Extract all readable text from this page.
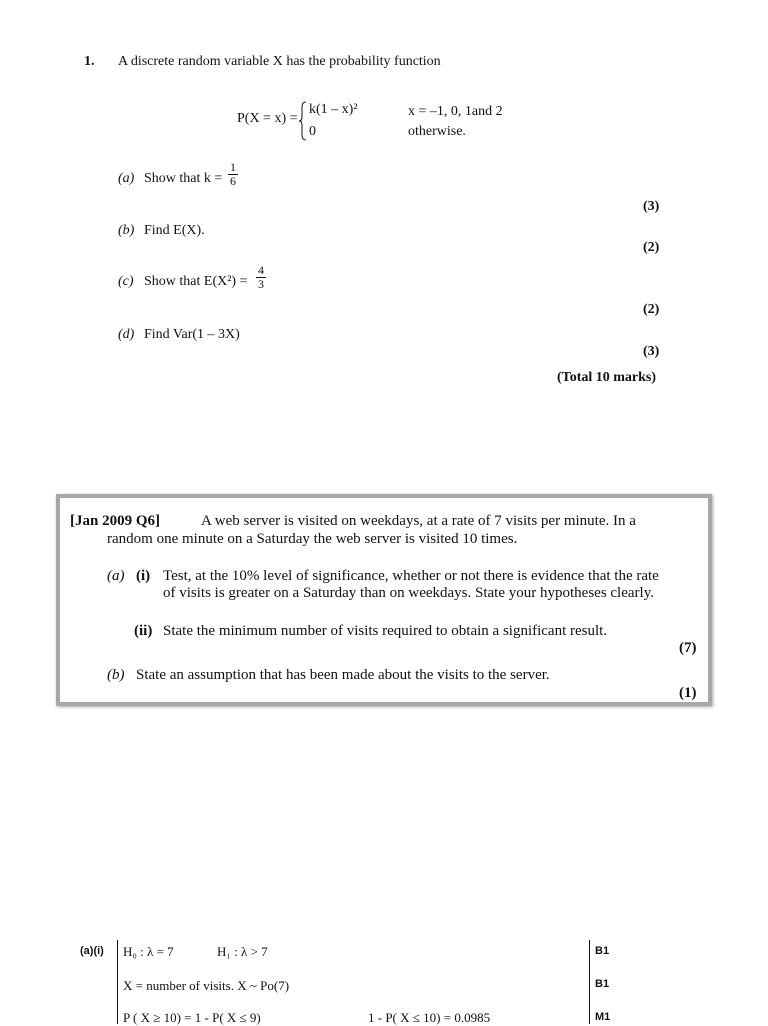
1. A discrete random variable X has the probability function
P(X = x) =
k(1 – x)²	x = –1, 0, 1and 2
0	otherwise.
(a) Show that $k = \frac{1}{6}$
(3)
(b) Find E(X).
(2)
(c) Show that $E(X^2) = \frac{4}{3}$
(2)
(d) Find Var(1 – 3X)
(3)
(Total 10 marks)
[Jan 2009 Q6]	A web server is visited on weekdays, at a rate of 7 visits per minute. In a
random one minute on a Saturday the web server is visited 10 times.
(a) (i) Test, at the 10% level of significance, whether or not there is evidence that the rate
of visits is greater on a Saturday than on weekdays. State your hypotheses clearly.
(ii) State the minimum number of visits required to obtain a significant result.
(7)
(b) State an assumption that has been made about the visits to the server.
(1)
(a)(i) H₀ : λ = 7	H₁ : λ > 7	B1
X = number of visits. X ~ Po(7)	B1
P ( X ≥ 10) = 1 - P( X ≤ 9)	1 - P( X ≤ 10) = 0.0985	M1
